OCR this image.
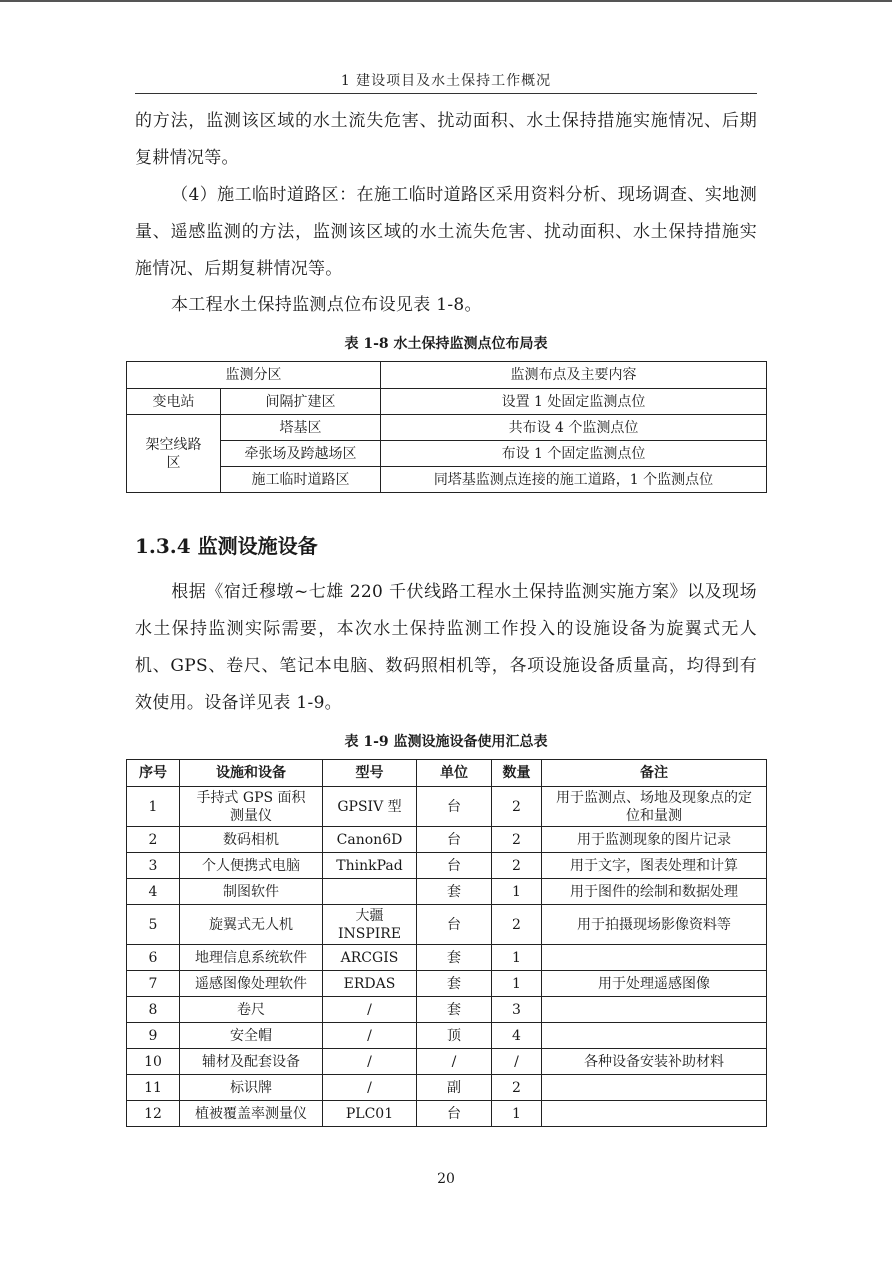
1 建设项目及水土保持工作概况
的方法，监测该区域的水土流失危害、扰动面积、水土保持措施实施情况、后期复耕情况等。
（4）施工临时道路区：在施工临时道路区采用资料分析、现场调查、实地测量、遥感监测的方法，监测该区域的水土流失危害、扰动面积、水土保持措施实施情况、后期复耕情况等。
本工程水土保持监测点位布设见表 1-8。
表 1-8 水土保持监测点位布局表
监测分区		监测布点及主要内容
变电站	间隔扩建区	设置 1 处固定监测点位
架空线路区	塔基区	共布设 4 个监测点位
	牵张场及跨越场区	布设 1 个固定监测点位
	施工临时道路区	同塔基监测点连接的施工道路，1 个监测点位
1.3.4 监测设施设备
根据《宿迁穆墩~七雄 220 千伏线路工程水土保持监测实施方案》以及现场水土保持监测实际需要，本次水土保持监测工作投入的设施设备为旋翼式无人机、GPS、卷尺、笔记本电脑、数码照相机等，各项设施设备质量高，均得到有效使用。设备详见表 1-9。
表 1-9 监测设施设备使用汇总表
序号	设施和设备	型号	单位	数量	备注
1	手持式 GPS 面积测量仪	GPSIV 型	台	2	用于监测点、场地及现象点的定位和量测
2	数码相机	Canon6D	台	2	用于监测现象的图片记录
3	个人便携式电脑	ThinkPad	台	2	用于文字，图表处理和计算
4	制图软件		套	1	用于图件的绘制和数据处理
5	旋翼式无人机	大疆 INSPIRE	台	2	用于拍摄现场影像资料等
6	地理信息系统软件	ARCGIS	套	1	
7	遥感图像处理软件	ERDAS	套	1	用于处理遥感图像
8	卷尺	/	套	3	
9	安全帽	/	顶	4	
10	辅材及配套设备	/	/	/	各种设备安装补助材料
11	标识牌	/	副	2	
12	植被覆盖率测量仪	PLC01	台	1	
20
